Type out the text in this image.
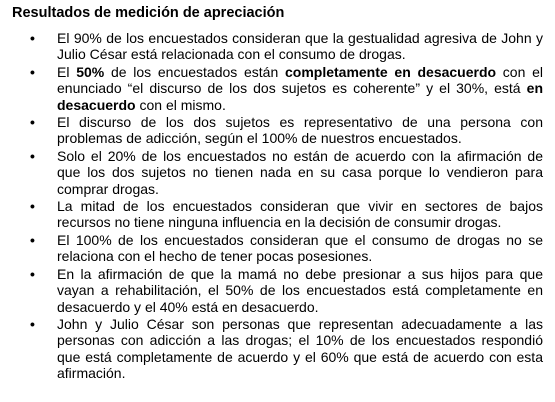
Resultados de medición de apreciación
• El 90% de los encuestados consideran que la gestualidad agresiva de John y Julio César está relacionada con el consumo de drogas.
• El 50% de los encuestados están completamente en desacuerdo con el enunciado “el discurso de los dos sujetos es coherente” y el 30%, está en desacuerdo con el mismo.
• El discurso de los dos sujetos es representativo de una persona con problemas de adicción, según el 100% de nuestros encuestados.
• Solo el 20% de los encuestados no están de acuerdo con la afirmación de que los dos sujetos no tienen nada en su casa porque lo vendieron para comprar drogas.
• La mitad de los encuestados consideran que vivir en sectores de bajos recursos no tiene ninguna influencia en la decisión de consumir drogas.
• El 100% de los encuestados consideran que el consumo de drogas no se relaciona con el hecho de tener pocas posesiones.
• En la afirmación de que la mamá no debe presionar a sus hijos para que vayan a rehabilitación, el 50% de los encuestados está completamente en desacuerdo y el 40% está en desacuerdo.
• John y Julio César son personas que representan adecuadamente a las personas con adicción a las drogas; el 10% de los encuestados respondió que está completamente de acuerdo y el 60% que está de acuerdo con esta afirmación.
